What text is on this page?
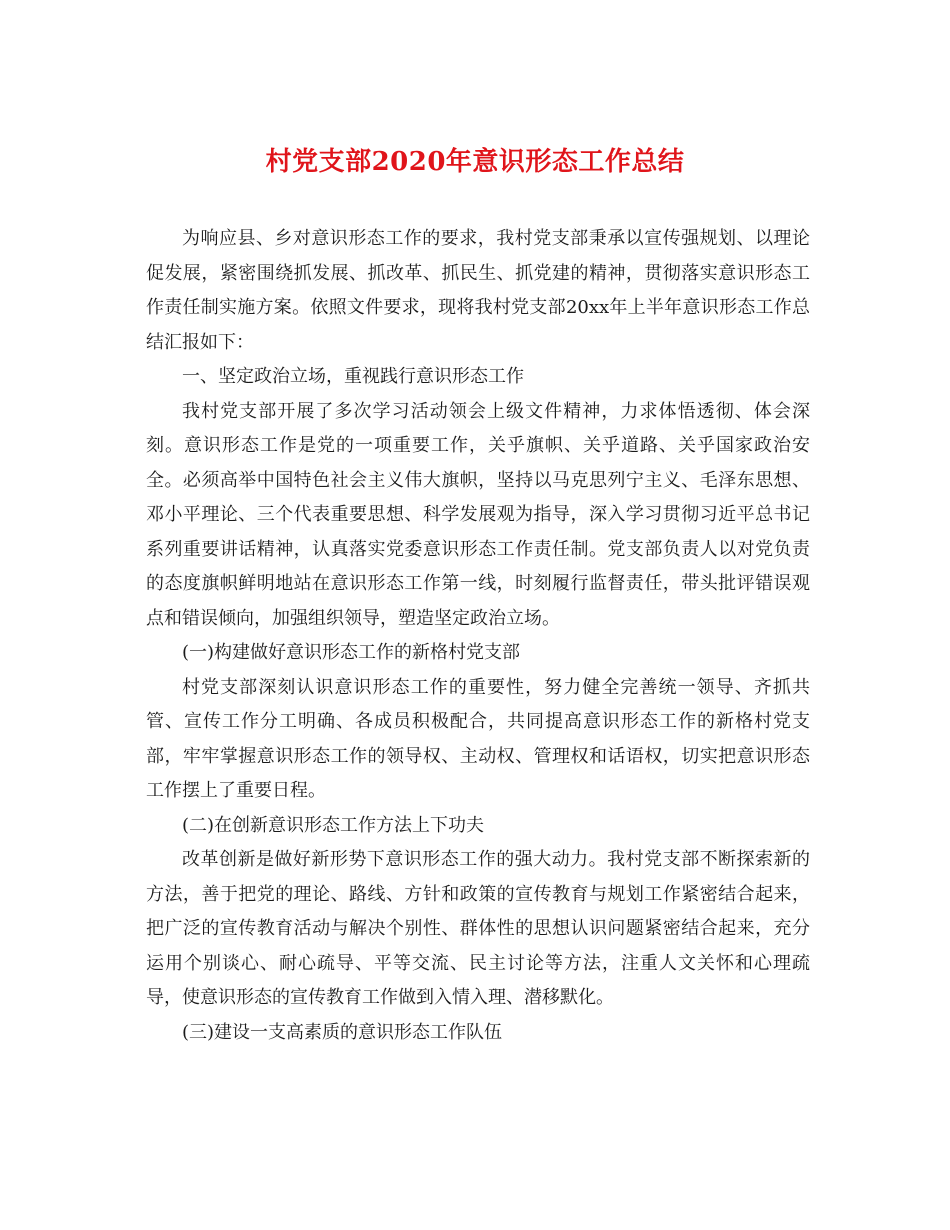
村党支部2020年意识形态工作总结

为响应县、乡对意识形态工作的要求，我村党支部秉承以宣传强规划、以理论促发展，紧密围绕抓发展、抓改革、抓民生、抓党建的精神，贯彻落实意识形态工作责任制实施方案。依照文件要求，现将我村党支部20xx年上半年意识形态工作总结汇报如下：

一、坚定政治立场，重视践行意识形态工作

我村党支部开展了多次学习活动领会上级文件精神，力求体悟透彻、体会深刻。意识形态工作是党的一项重要工作，关乎旗帜、关乎道路、关乎国家政治安全。必须高举中国特色社会主义伟大旗帜，坚持以马克思列宁主义、毛泽东思想、邓小平理论、三个代表重要思想、科学发展观为指导，深入学习贯彻习近平总书记系列重要讲话精神，认真落实党委意识形态工作责任制。党支部负责人以对党负责的态度旗帜鲜明地站在意识形态工作第一线，时刻履行监督责任，带头批评错误观点和错误倾向，加强组织领导，塑造坚定政治立场。

(一)构建做好意识形态工作的新格村党支部

村党支部深刻认识意识形态工作的重要性，努力健全完善统一领导、齐抓共管、宣传工作分工明确、各成员积极配合，共同提高意识形态工作的新格村党支部，牢牢掌握意识形态工作的领导权、主动权、管理权和话语权，切实把意识形态工作摆上了重要日程。

(二)在创新意识形态工作方法上下功夫

改革创新是做好新形势下意识形态工作的强大动力。我村党支部不断探索新的方法，善于把党的理论、路线、方针和政策的宣传教育与规划工作紧密结合起来，把广泛的宣传教育活动与解决个别性、群体性的思想认识问题紧密结合起来，充分运用个别谈心、耐心疏导、平等交流、民主讨论等方法，注重人文关怀和心理疏导，使意识形态的宣传教育工作做到入情入理、潜移默化。

(三)建设一支高素质的意识形态工作队伍
